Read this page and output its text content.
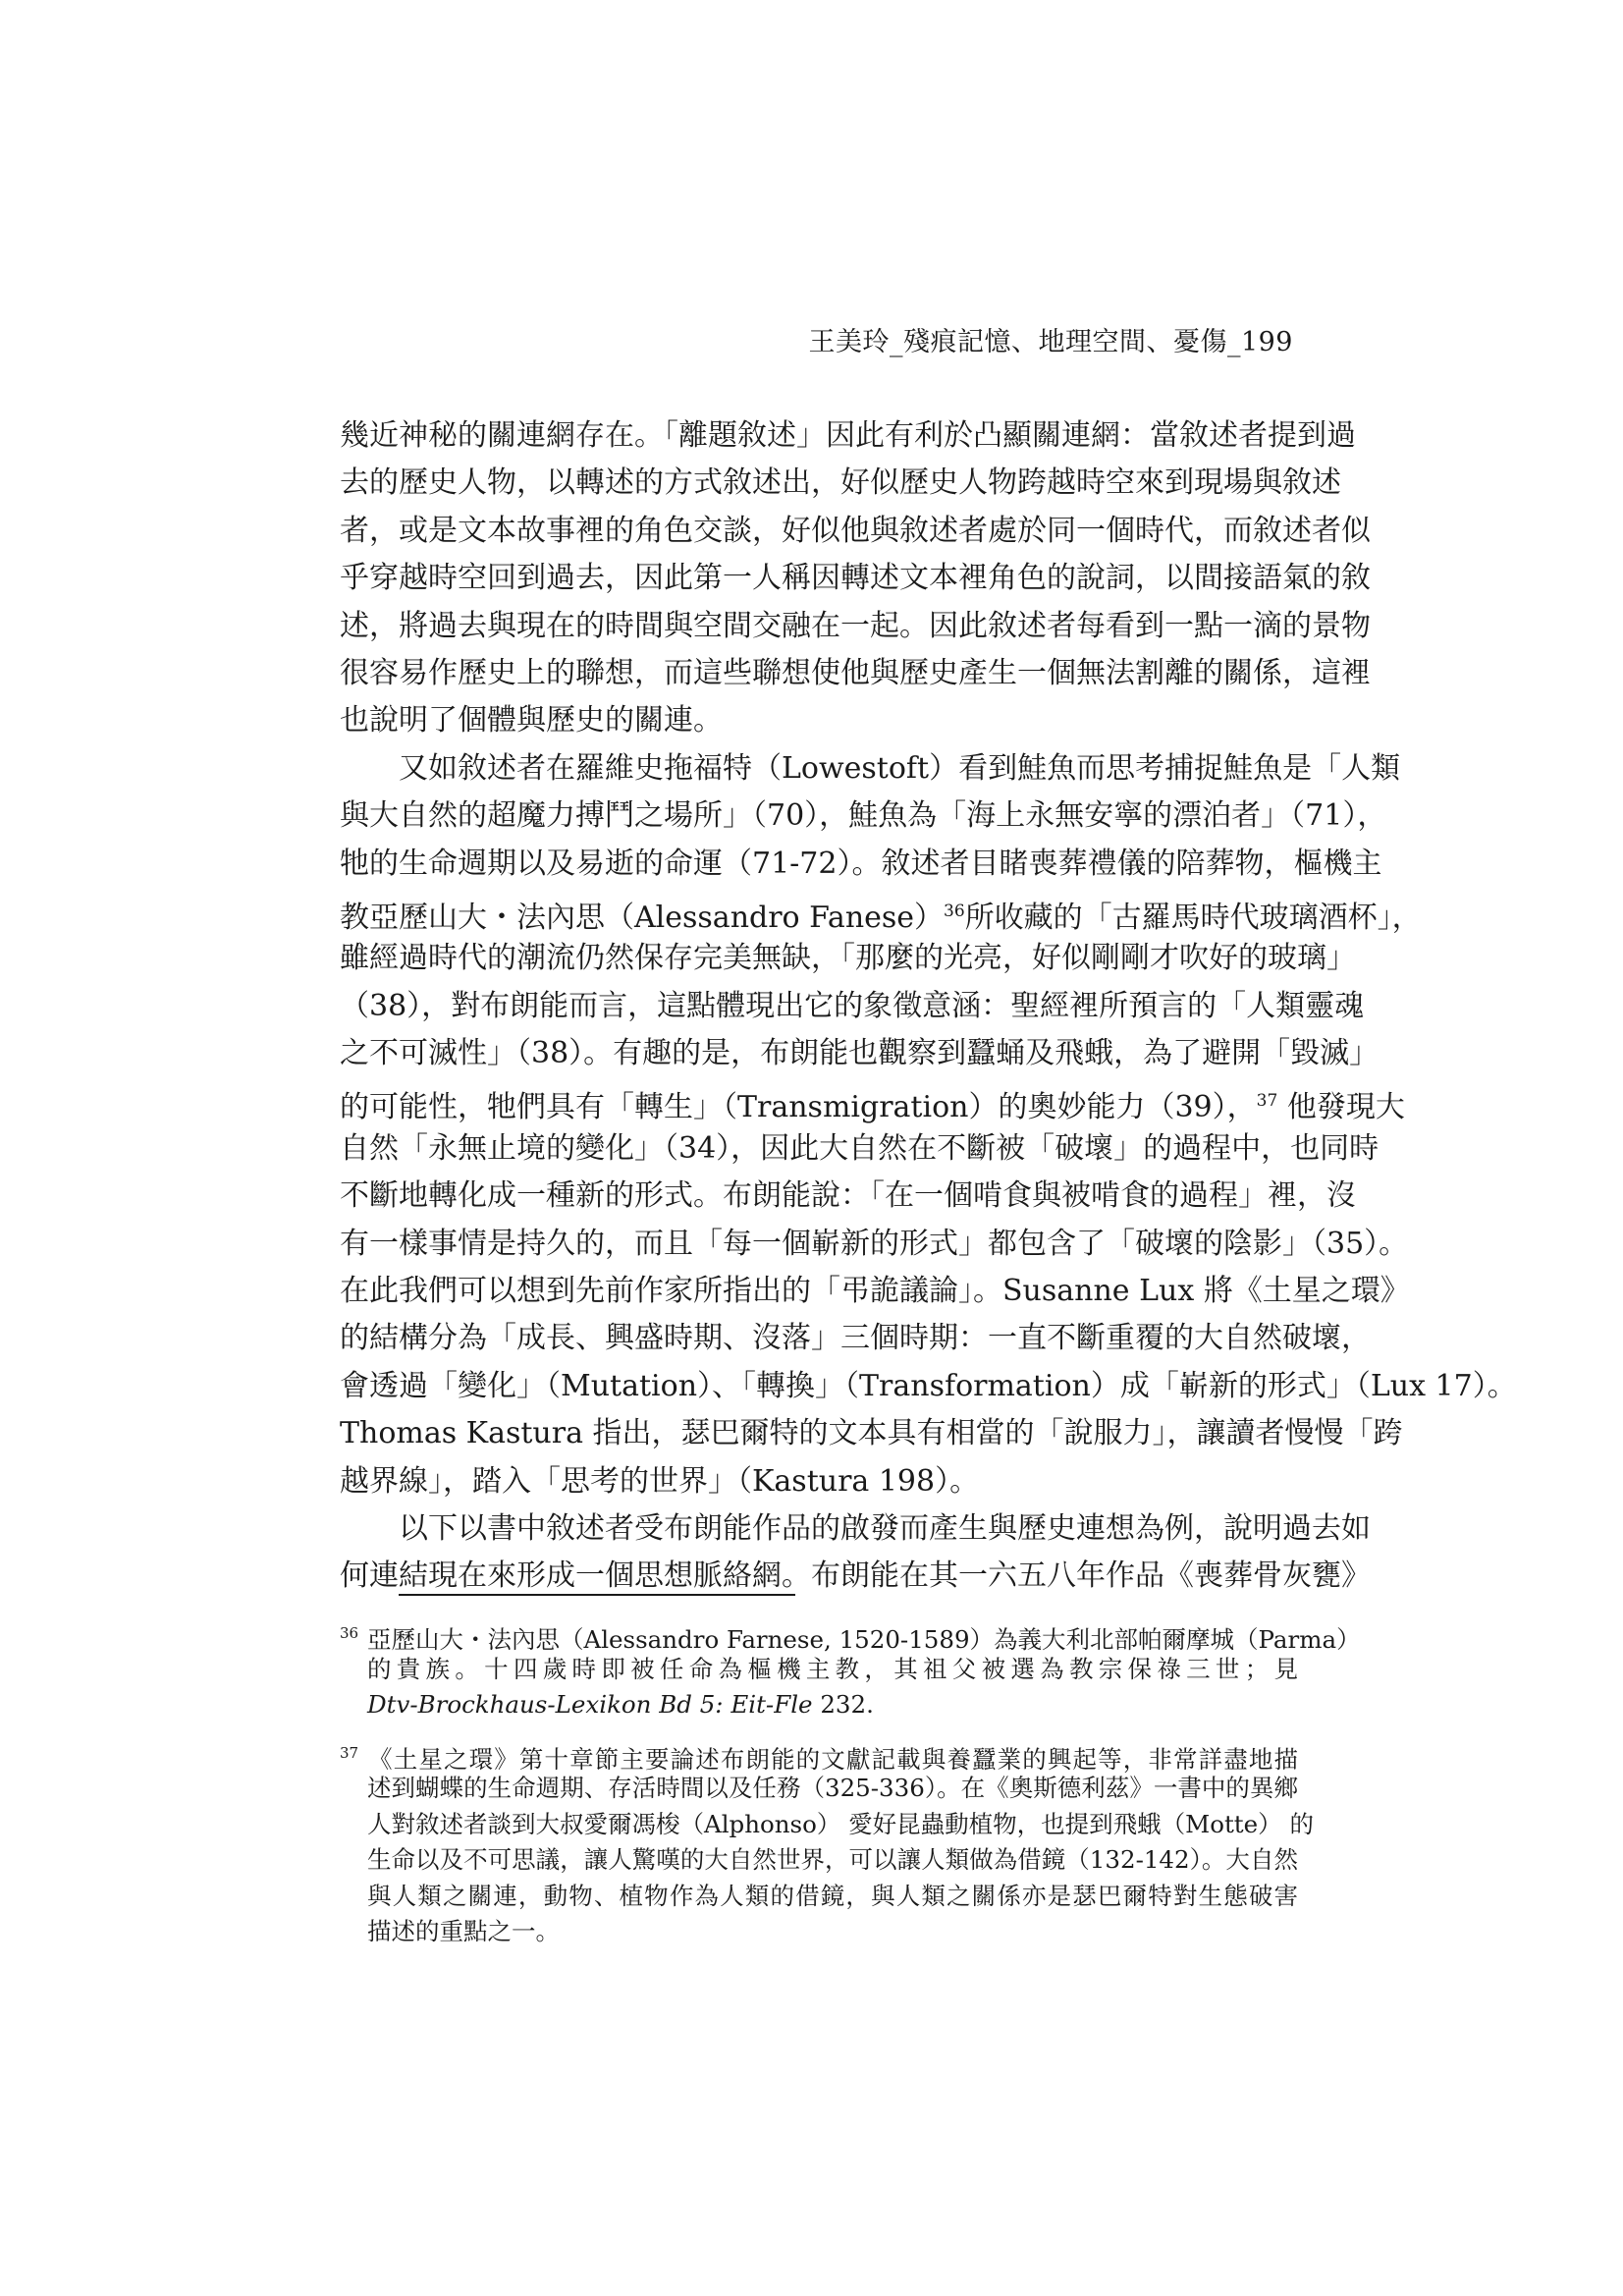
王美玲_殘痕記憶、地理空間、憂傷_199
幾近神秘的關連網存在。「離題敘述」因此有利於凸顯關連網：當敘述者提到過
去的歷史人物，以轉述的方式敘述出，好似歷史人物跨越時空來到現場與敘述
者，或是文本故事裡的角色交談，好似他與敘述者處於同一個時代，而敘述者似
乎穿越時空回到過去，因此第一人稱因轉述文本裡角色的說詞，以間接語氣的敘
述，將過去與現在的時間與空間交融在一起。因此敘述者每看到一點一滴的景物
很容易作歷史上的聯想，而這些聯想使他與歷史產生一個無法割離的關係，這裡
也說明了個體與歷史的關連。
又如敘述者在羅維史拖福特（Lowestoft）看到鮭魚而思考捕捉鮭魚是「人類
與大自然的超魔力搏鬥之場所」（70），鮭魚為「海上永無安寧的漂泊者」（71），
牠的生命週期以及易逝的命運（71-72）。敘述者目睹喪葬禮儀的陪葬物，樞機主
教亞歷山大・法內思（Alessandro Fanese）$^{36}$所收藏的「古羅馬時代玻璃酒杯」，
雖經過時代的潮流仍然保存完美無缺，「那麼的光亮，好似剛剛才吹好的玻璃」
（38），對布朗能而言，這點體現出它的象徵意涵：聖經裡所預言的「人類靈魂
之不可滅性」（38）。有趣的是，布朗能也觀察到蠶蛹及飛蛾，為了避開「毀滅」
的可能性，牠們具有「轉生」（Transmigration）的奧妙能力（39），$^{37}$ 他發現大
自然「永無止境的變化」（34），因此大自然在不斷被「破壞」的過程中，也同時
不斷地轉化成一種新的形式。布朗能說：「在一個啃食與被啃食的過程」裡，沒
有一樣事情是持久的，而且「每一個嶄新的形式」都包含了「破壞的陰影」（35）。
在此我們可以想到先前作家所指出的「弔詭議論」。Susanne Lux 將《土星之環》
的結構分為「成長、興盛時期、沒落」三個時期：一直不斷重覆的大自然破壞，
會透過「變化」（Mutation）、「轉換」（Transformation）成「嶄新的形式」（Lux 17）。
Thomas Kastura 指出，瑟巴爾特的文本具有相當的「說服力」，讓讀者慢慢「跨
越界線」，踏入「思考的世界」（Kastura 198）。
以下以書中敘述者受布朗能作品的啟發而產生與歷史連想為例，說明過去如
何連結現在來形成一個思想脈絡網。布朗能在其一六五八年作品《喪葬骨灰甕》
36 亞歷山大・法內思（Alessandro Farnese, 1520-1589）為義大利北部帕爾摩城（Parma）
的貴族。十四歲時即被任命為樞機主教，其祖父被選為教宗保祿三世；見
Dtv-Brockhaus-Lexikon Bd 5: Eit-Fle 232.
37 《土星之環》第十章節主要論述布朗能的文獻記載與養蠶業的興起等，非常詳盡地描
述到蝴蝶的生命週期、存活時間以及任務（325-336）。在《奧斯德利茲》一書中的異鄉
人對敘述者談到大叔愛爾馮梭（Alphonso） 愛好昆蟲動植物，也提到飛蛾（Motte） 的
生命以及不可思議，讓人驚嘆的大自然世界，可以讓人類做為借鏡（132-142）。大自然
與人類之關連，動物、植物作為人類的借鏡，與人類之關係亦是瑟巴爾特對生態破害
描述的重點之一。
